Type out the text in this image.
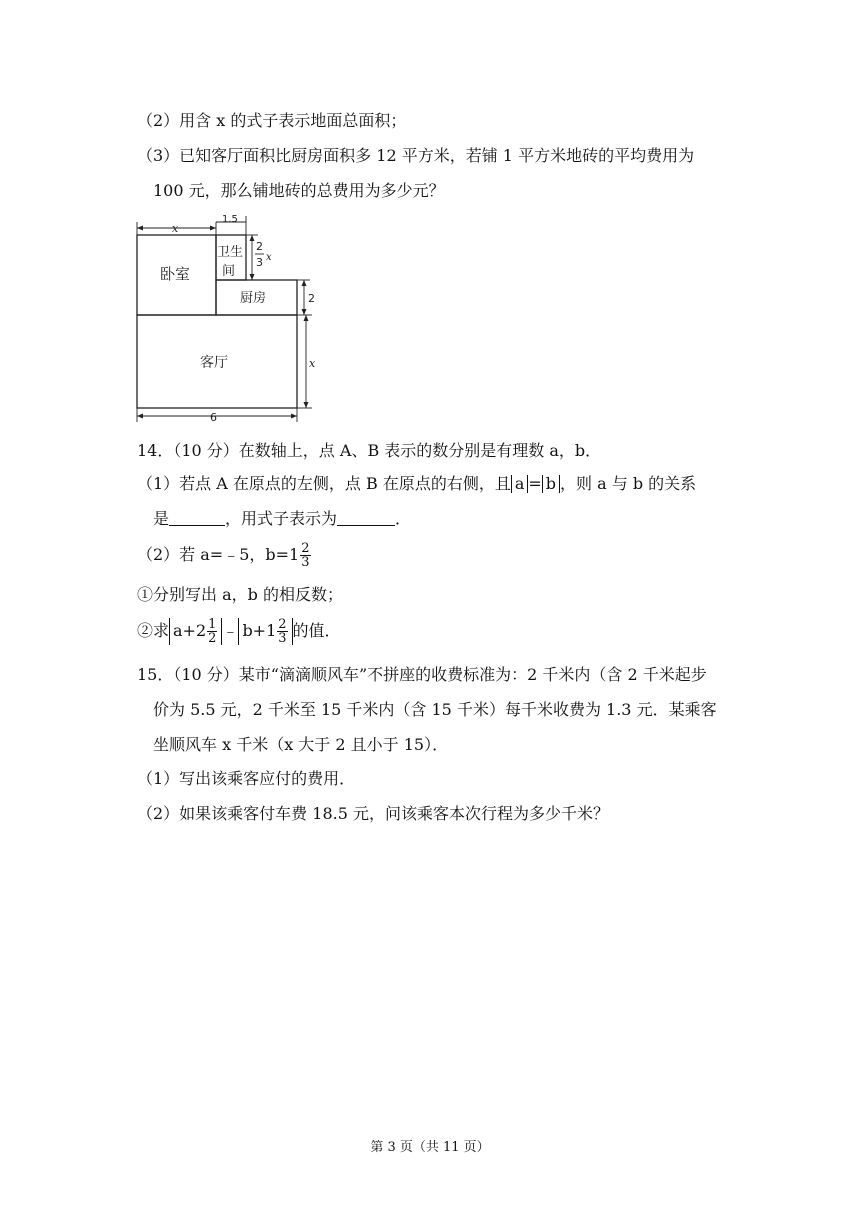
（2）用含 x 的式子表示地面总面积；
（3）已知客厅面积比厨房面积多 12 平方米，若铺 1 平方米地砖的平均费用为
100 元，那么铺地砖的总费用为多少元？
x
1.5
2
3 x
2
x
6
卧室
卫生
间
厨房
客厅
14．（10 分）在数轴上，点 A、B 表示的数分别是有理数 a，b．
（1）若点 A 在原点的左侧，点 B 在原点的右侧，且 a = b ，则 a 与 b 的关系
是	，用式子表示为	．
（2）若 a=﹣5，$b=1 \frac{2}{3}$
①分别写出 a，b 的相反数；
②求 $a+2 \frac{1}{2}$ ﹣ $b+1 \frac{2}{3}$ 的值．
15．（10 分）某市“滴滴顺风车”不拼座的收费标准为：2 千米内（含 2 千米起步
价为 5.5 元，2 千米至 15 千米内（含 15 千米）每千米收费为 1.3 元．某乘客
坐顺风车 x 千米（x 大于 2 且小于 15）．
（1）写出该乘客应付的费用．
（2）如果该乘客付车费 18.5 元，问该乘客本次行程为多少千米？
第 3 页（共 11 页）
